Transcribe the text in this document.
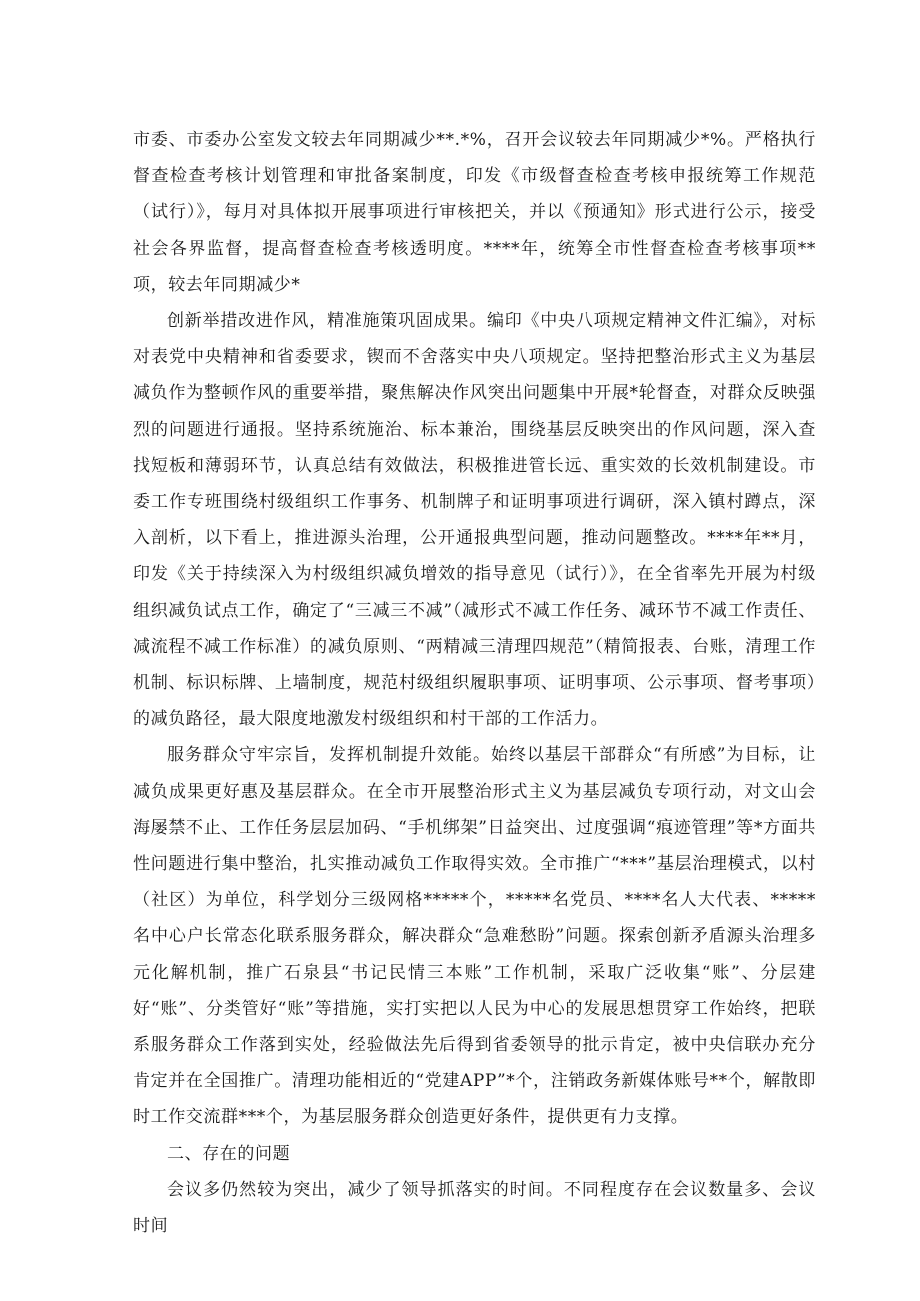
市委、市委办公室发文较去年同期减少**.*%，召开会议较去年同期减少*%。严格执行督查检查考核计划管理和审批备案制度，印发《市级督查检查考核申报统筹工作规范（试行）》，每月对具体拟开展事项进行审核把关，并以《预通知》形式进行公示，接受社会各界监督，提高督查检查考核透明度。****年，统筹全市性督查检查考核事项**项，较去年同期减少*

创新举措改进作风，精准施策巩固成果。编印《中央八项规定精神文件汇编》，对标对表党中央精神和省委要求，锲而不舍落实中央八项规定。坚持把整治形式主义为基层减负作为整顿作风的重要举措，聚焦解决作风突出问题集中开展*轮督查，对群众反映强烈的问题进行通报。坚持系统施治、标本兼治，围绕基层反映突出的作风问题，深入查找短板和薄弱环节，认真总结有效做法，积极推进管长远、重实效的长效机制建设。市委工作专班围绕村级组织工作事务、机制牌子和证明事项进行调研，深入镇村蹲点，深入剖析，以下看上，推进源头治理，公开通报典型问题，推动问题整改。****年**月，印发《关于持续深入为村级组织减负增效的指导意见（试行）》，在全省率先开展为村级组织减负试点工作，确定了“三减三不减”（减形式不减工作任务、减环节不减工作责任、减流程不减工作标准）的减负原则、“两精减三清理四规范”（精简报表、台账，清理工作机制、标识标牌、上墙制度，规范村级组织履职事项、证明事项、公示事项、督考事项）的减负路径，最大限度地激发村级组织和村干部的工作活力。

服务群众守牢宗旨，发挥机制提升效能。始终以基层干部群众“有所感”为目标，让减负成果更好惠及基层群众。在全市开展整治形式主义为基层减负专项行动，对文山会海屡禁不止、工作任务层层加码、“手机绑架”日益突出、过度强调“痕迹管理”等*方面共性问题进行集中整治，扎实推动减负工作取得实效。全市推广“***”基层治理模式，以村（社区）为单位，科学划分三级网格*****个，*****名党员、****名人大代表、*****名中心户长常态化联系服务群众，解决群众“急难愁盼”问题。探索创新矛盾源头治理多元化解机制，推广石泉县“书记民情三本账”工作机制，采取广泛收集“账”、分层建好“账”、分类管好“账”等措施，实打实把以人民为中心的发展思想贯穿工作始终，把联系服务群众工作落到实处，经验做法先后得到省委领导的批示肯定，被中央信联办充分肯定并在全国推广。清理功能相近的“党建APP”*个，注销政务新媒体账号**个，解散即时工作交流群***个，为基层服务群众创造更好条件，提供更有力支撑。

二、存在的问题

会议多仍然较为突出，减少了领导抓落实的时间。不同程度存在会议数量多、会议时间
